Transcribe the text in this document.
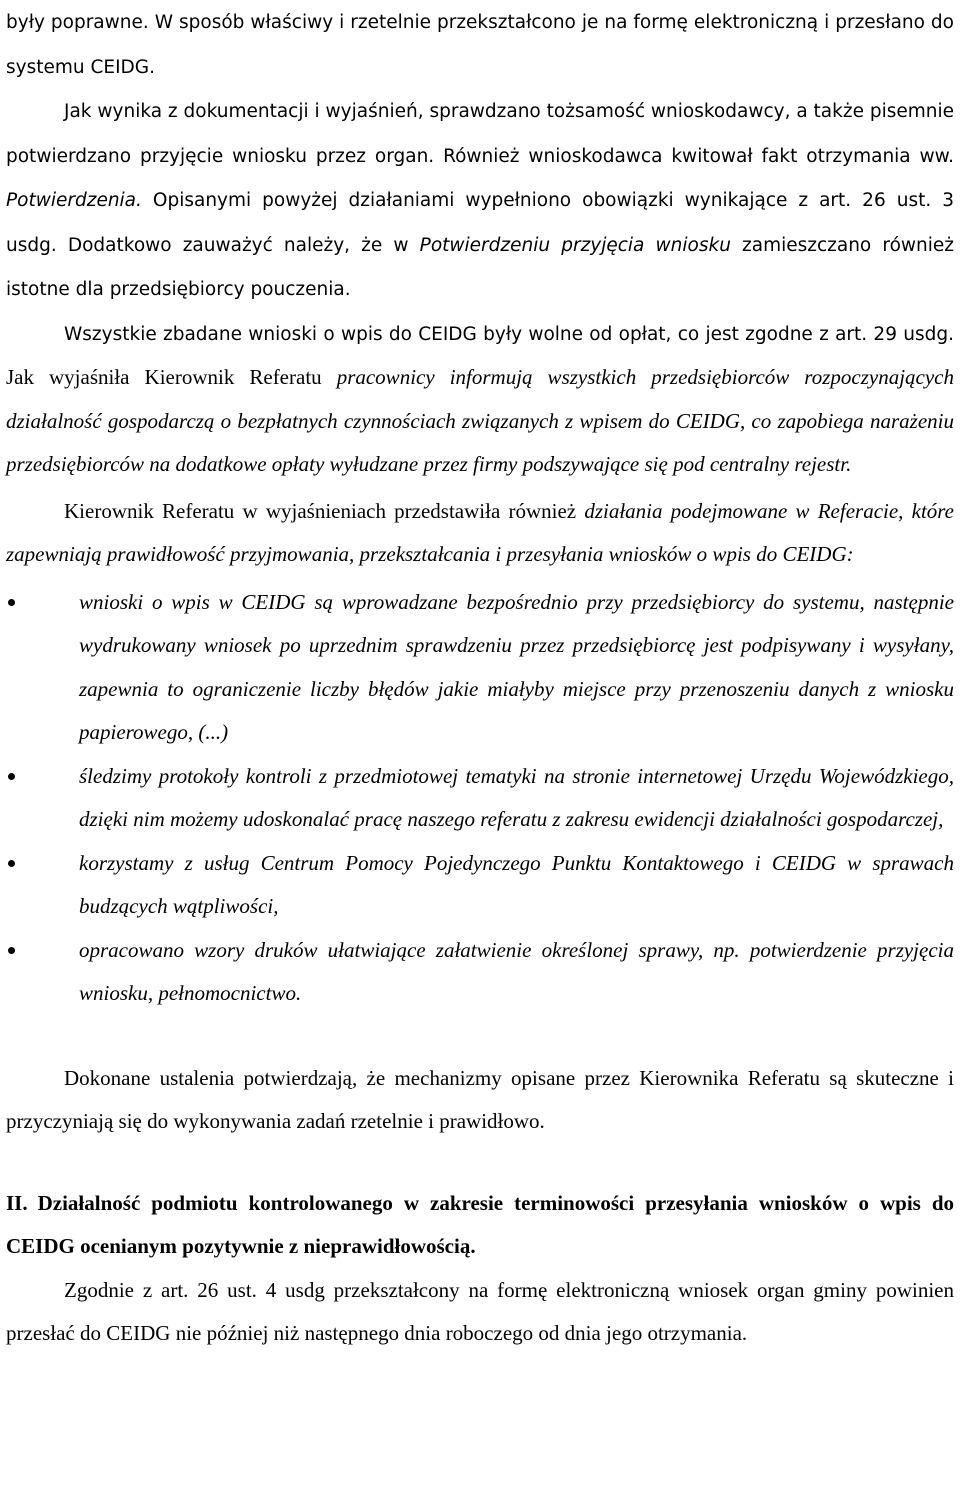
były poprawne. W sposób właściwy i rzetelnie przekształcono je na formę elektroniczną i przesłano do systemu CEIDG.

Jak wynika z dokumentacji i wyjaśnień, sprawdzano tożsamość wnioskodawcy, a także pisemnie potwierdzano przyjęcie wniosku przez organ. Również wnioskodawca kwitował fakt otrzymania ww. Potwierdzenia. Opisanymi powyżej działaniami wypełniono obowiązki wynikające z art. 26 ust. 3 usdg. Dodatkowo zauważyć należy, że w Potwierdzeniu przyjęcia wniosku zamieszczano również istotne dla przedsiębiorcy pouczenia.

Wszystkie zbadane wnioski o wpis do CEIDG były wolne od opłat, co jest zgodne z art. 29 usdg. Jak wyjaśniła Kierownik Referatu pracownicy informują wszystkich przedsiębiorców rozpoczynających działalność gospodarczą o bezpłatnych czynnościach związanych z wpisem do CEIDG, co zapobiega narażeniu przedsiębiorców na dodatkowe opłaty wyłudzane przez firmy podszywające się pod centralny rejestr.

Kierownik Referatu w wyjaśnieniach przedstawiła również działania podejmowane w Referacie, które zapewniają prawidłowość przyjmowania, przekształcania i przesyłania wniosków o wpis do CEIDG:

wnioski o wpis w CEIDG są wprowadzane bezpośrednio przy przedsiębiorcy do systemu, następnie wydrukowany wniosek po uprzednim sprawdzeniu przez przedsiębiorcę jest podpisywany i wysyłany, zapewnia to ograniczenie liczby błędów jakie miałyby miejsce przy przenoszeniu danych z wniosku papierowego, (...)
śledzimy protokoły kontroli z przedmiotowej tematyki na stronie internetowej Urzędu Wojewódzkiego, dzięki nim możemy udoskonalać pracę naszego referatu z zakresu ewidencji działalności gospodarczej,
korzystamy z usług Centrum Pomocy Pojedynczego Punktu Kontaktowego i CEIDG w sprawach budzących wątpliwości,
opracowano wzory druków ułatwiające załatwienie określonej sprawy, np. potwierdzenie przyjęcia wniosku, pełnomocnictwo.

Dokonane ustalenia potwierdzają, że mechanizmy opisane przez Kierownika Referatu są skuteczne i przyczyniają się do wykonywania zadań rzetelnie i prawidłowo.

II. Działalność podmiotu kontrolowanego w zakresie terminowości przesyłania wniosków o wpis do CEIDG ocenianym pozytywnie z nieprawidłowością.

Zgodnie z art. 26 ust. 4 usdg przekształcony na formę elektroniczną wniosek organ gminy powinien przesłać do CEIDG nie później niż następnego dnia roboczego od dnia jego otrzymania.
